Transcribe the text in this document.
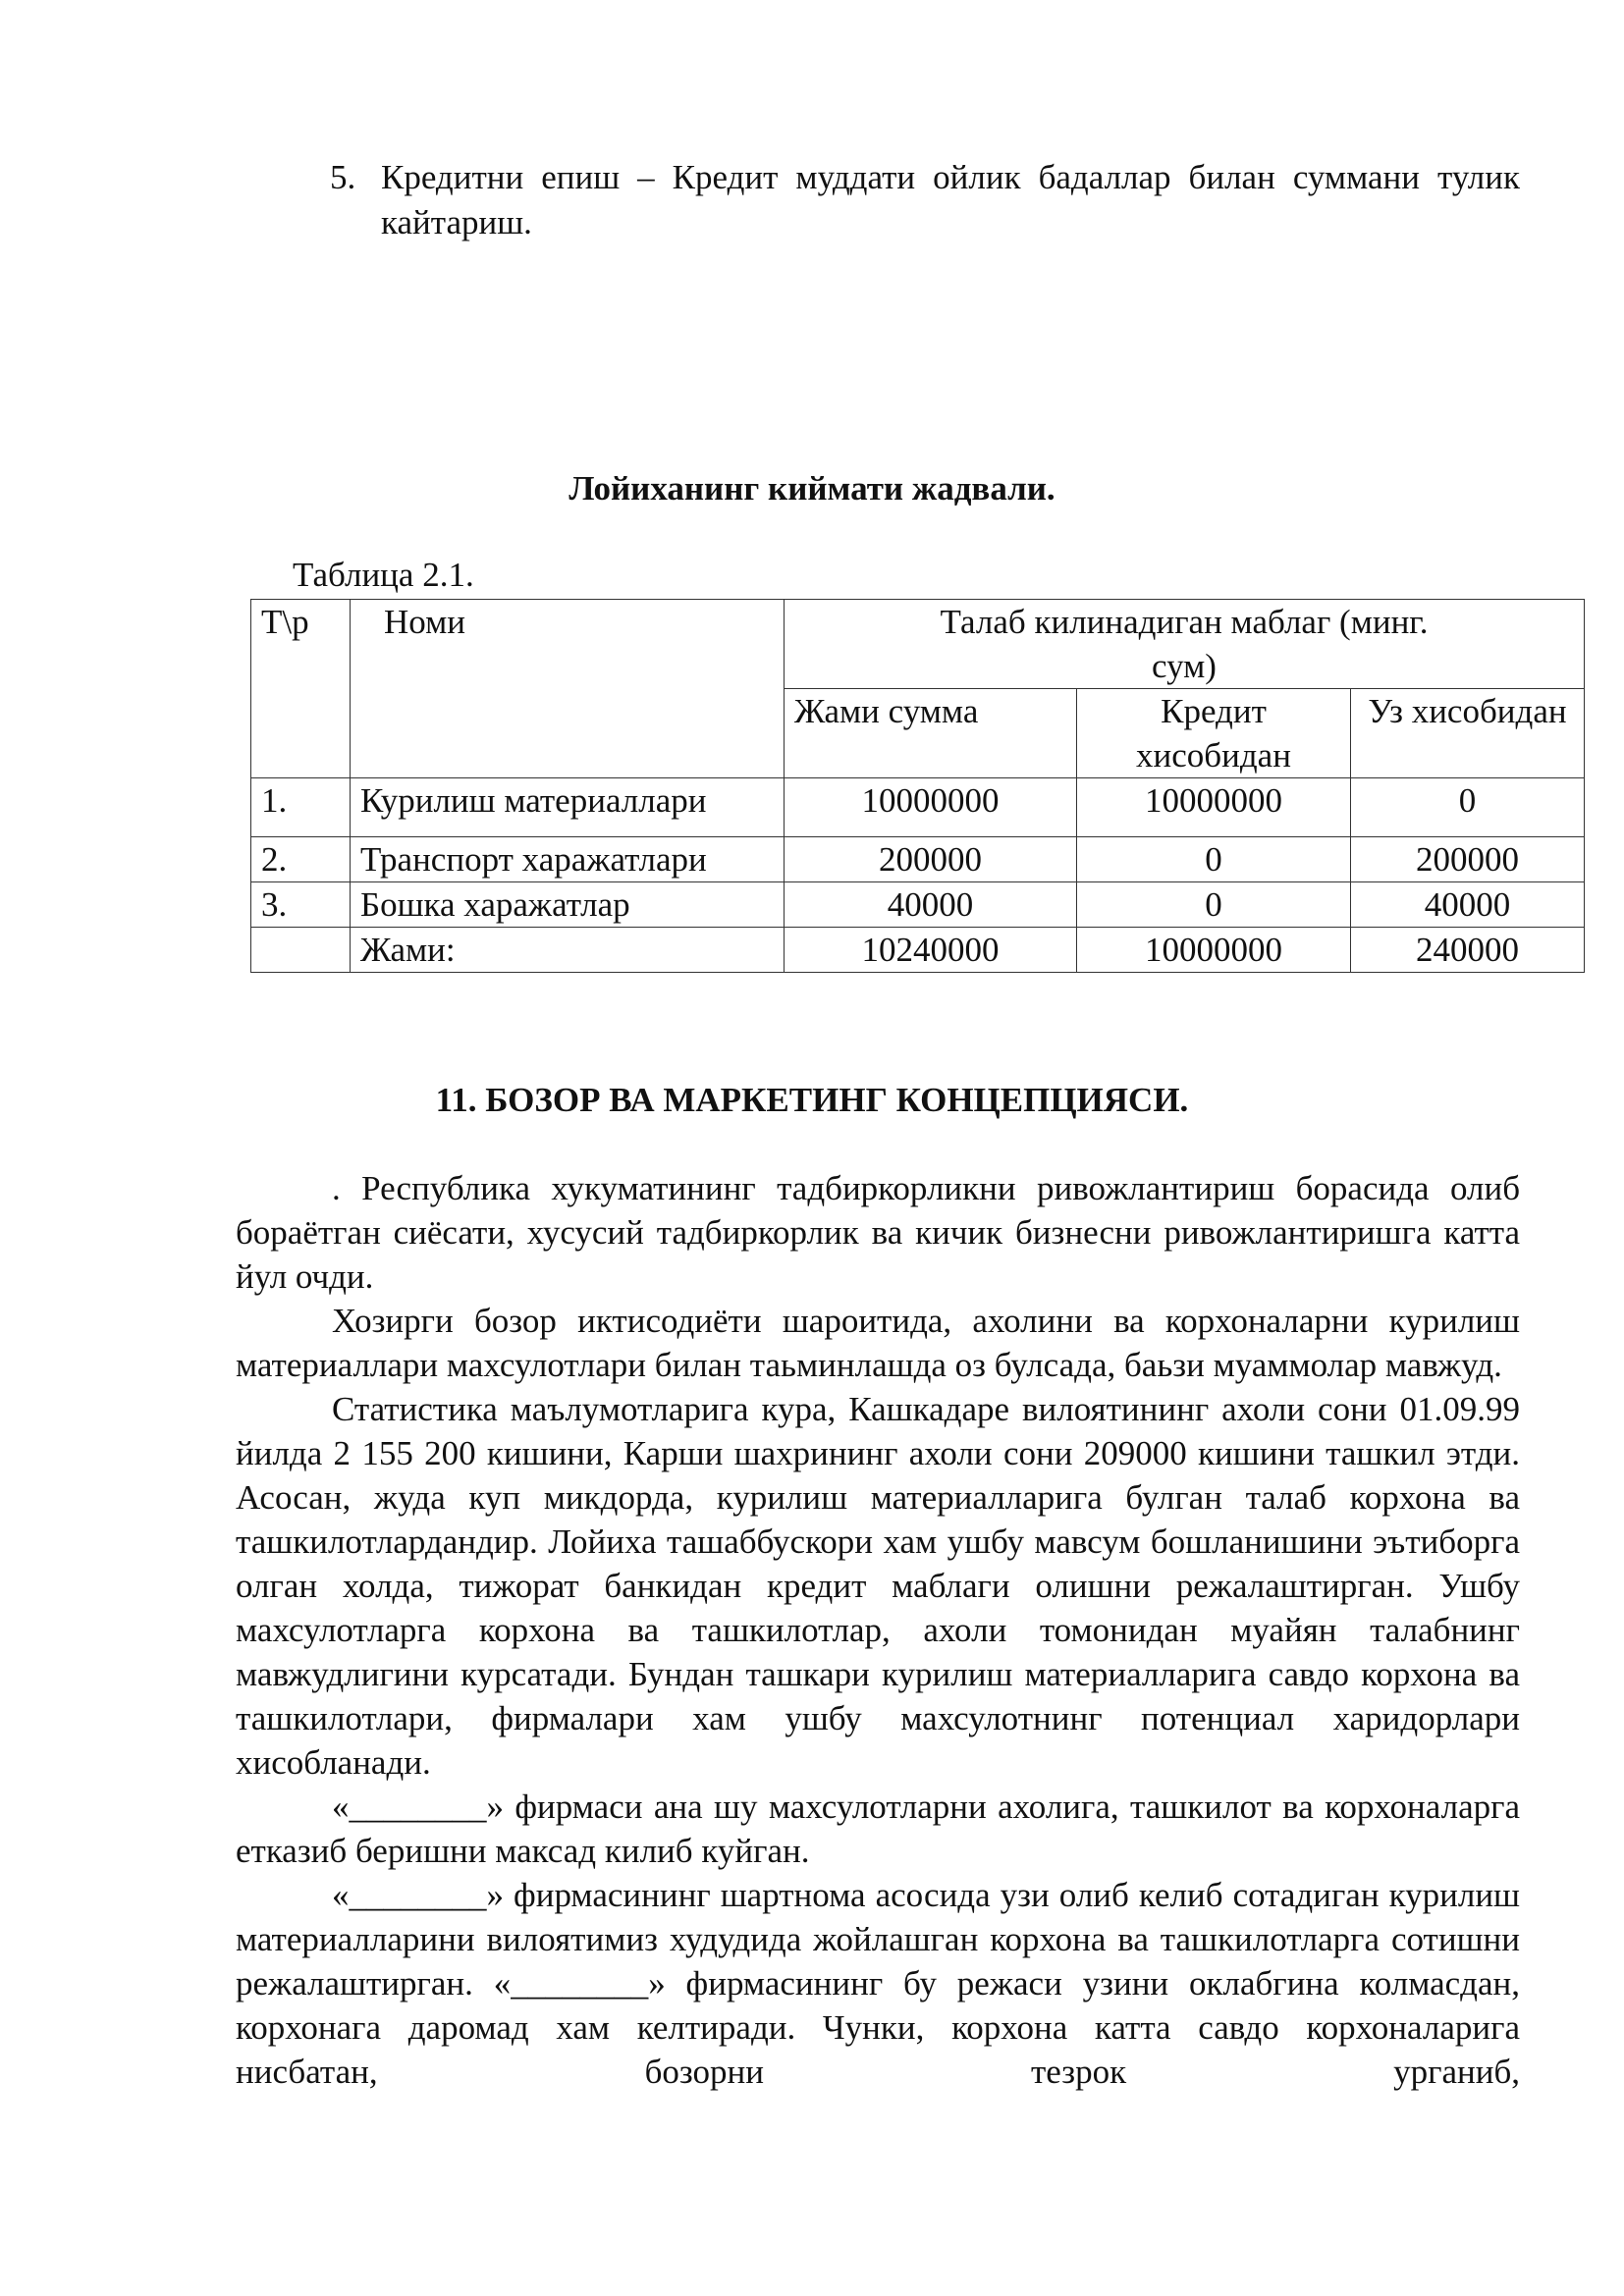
5. Кредитни епиш – Кредит муддати ойлик бадаллар билан суммани тулик кайтариш.
Лойиханинг киймати жадвали.
Таблица 2.1.
Т\р	Номи	Талаб килинадиган маблаг (минг. сум)		
		Жами сумма	Кредит хисобидан	Уз хисобидан
1.	Курилиш материаллари	10000000	10000000	0
2.	Транспорт харажатлари	200000	0	200000
3.	Бошка харажатлар	40000	0	40000
	Жами:	10240000	10000000	240000
11. БОЗОР ВА МАРКЕТИНГ КОНЦЕПЦИЯСИ.

. Республика хукуматининг тадбиркорликни ривожлантириш борасида олиб бораётган сиёсати, хусусий тадбиркорлик ва кичик бизнесни ривожлантиришга катта йул очди.

Хозирги бозор иктисодиёти шароитида, ахолини ва корхоналарни курилиш материаллари махсулотлари билан таьминлашда оз булсада, баьзи муаммолар мавжуд.

Статистика маълумотларига кура, Кашкадаре вилоятининг ахоли сони 01.09.99 йилда 2 155 200 кишини, Карши шахрининг ахоли сони 209000 кишини ташкил этди. Асосан, жуда куп микдорда, курилиш материалларига булган талаб корхона ва ташкилотлардандир. Лойиха ташаббускори хам ушбу мавсум бошланишини эътиборга олган холда, тижорат банкидан кредит маблаги олишни режалаштирган. Ушбу махсулотларга корхона ва ташкилотлар, ахоли томонидан муайян талабнинг мавжудлигини курсатади. Бундан ташкари курилиш материалларига савдо корхона ва ташкилотлари, фирмалари хам ушбу махсулотнинг потенциал харидорлари хисобланади.

«________» фирмаси ана шу махсулотларни ахолига, ташкилот ва корхоналарга етказиб беришни максад килиб куйган.

«________» фирмасининг шартнома асосида узи олиб келиб сотадиган курилиш материалларини вилоятимиз худудида жойлашган корхона ва ташкилотларга сотишни режалаштирган. «________» фирмасининг бу режаси узини оклабгина колмасдан, корхонага даромад хам келтиради. Чунки, корхона катта савдо корхоналарига нисбатан, бозорни тезрок урганиб,
